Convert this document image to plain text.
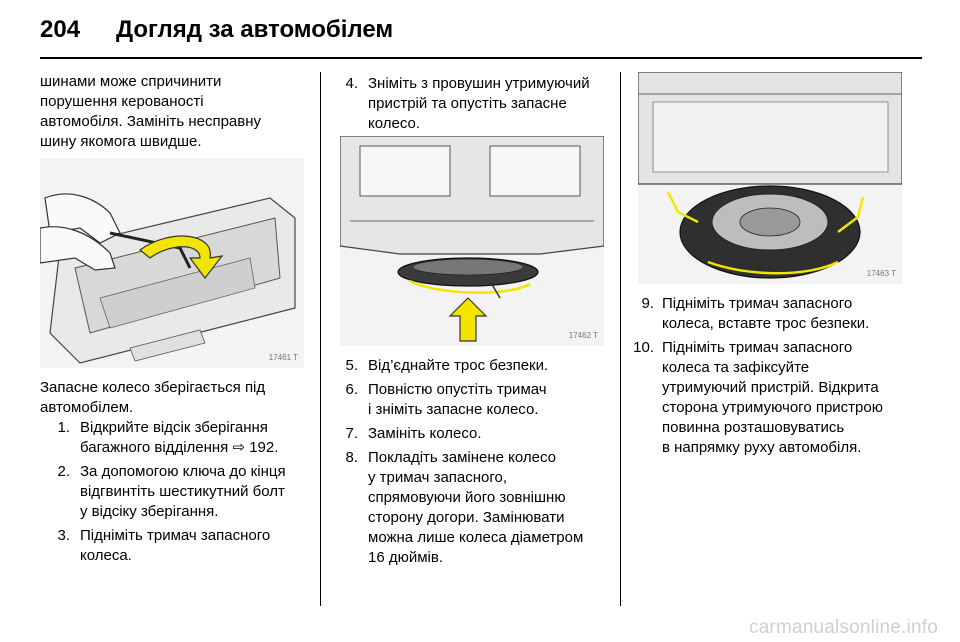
204 Догляд за автомобілем
шинами може спричинити
порушення керованості
автомобіля. Замініть несправну
шину якомога швидше.
17461 T
Запасне колесо зберігається під
автомобілем.
1. Відкрийте відсік зберігання
багажного відділення ⇨ 192.
2. За допомогою ключа до кінця
відгвинтіть шестикутний болт
у відсіку зберігання.
3. Підніміть тримач запасного
колеса.
4. Зніміть з провушин утримуючий
пристрій та опустіть запасне
колесо.
17462 T
5. Від’єднайте трос безпеки.
6. Повністю опустіть тримач
і зніміть запасне колесо.
7. Замініть колесо.
8. Покладіть замінене колесо
у тримач запасного,
спрямовуючи його зовнішню
сторону догори. Замінювати
можна лише колеса діаметром
16 дюймів.
17463 T
9. Підніміть тримач запасного
колеса, вставте трос безпеки.
10. Підніміть тримач запасного
колеса та зафіксуйте
утримуючий пристрій. Відкрита
сторона утримуючого пристрою
повинна розташовуватись
в напрямку руху автомобіля.
carmanualsonline.info
